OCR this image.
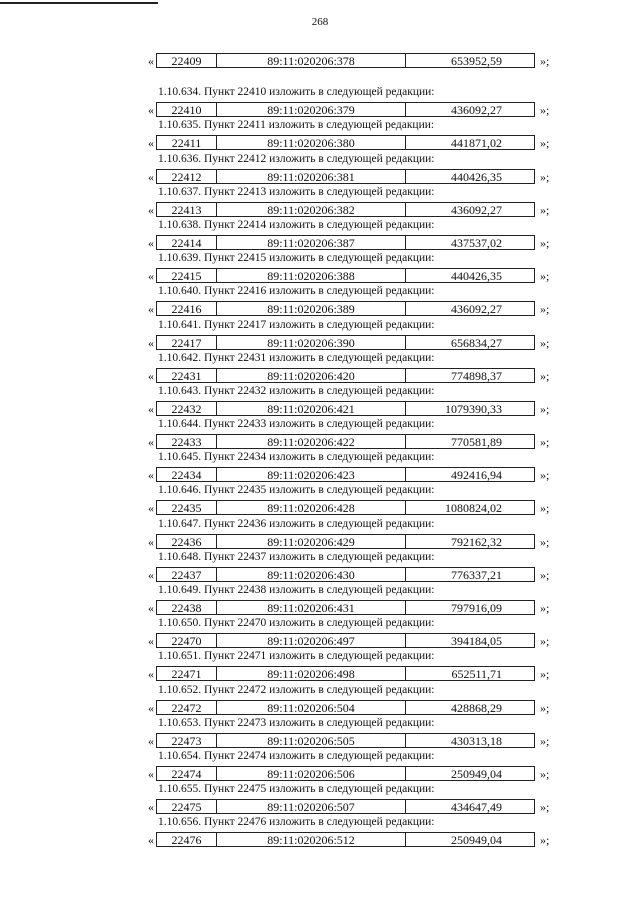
268
«	22409	89:11:020206:378	653952,59	»;
1.10.634. Пункт 22410 изложить в следующей редакции:
«	22410	89:11:020206:379	436092,27	»;
1.10.635. Пункт 22411 изложить в следующей редакции:
«	22411	89:11:020206:380	441871,02	»;
1.10.636. Пункт 22412 изложить в следующей редакции:
«	22412	89:11:020206:381	440426,35	»;
1.10.637. Пункт 22413 изложить в следующей редакции:
«	22413	89:11:020206:382	436092,27	»;
1.10.638. Пункт 22414 изложить в следующей редакции:
«	22414	89:11:020206:387	437537,02	»;
1.10.639. Пункт 22415 изложить в следующей редакции:
«	22415	89:11:020206:388	440426,35	»;
1.10.640. Пункт 22416 изложить в следующей редакции:
«	22416	89:11:020206:389	436092,27	»;
1.10.641. Пункт 22417 изложить в следующей редакции:
«	22417	89:11:020206:390	656834,27	»;
1.10.642. Пункт 22431 изложить в следующей редакции:
«	22431	89:11:020206:420	774898,37	»;
1.10.643. Пункт 22432 изложить в следующей редакции:
«	22432	89:11:020206:421	1079390,33	»;
1.10.644. Пункт 22433 изложить в следующей редакции:
«	22433	89:11:020206:422	770581,89	»;
1.10.645. Пункт 22434 изложить в следующей редакции:
«	22434	89:11:020206:423	492416,94	»;
1.10.646. Пункт 22435 изложить в следующей редакции:
«	22435	89:11:020206:428	1080824,02	»;
1.10.647. Пункт 22436 изложить в следующей редакции:
«	22436	89:11:020206:429	792162,32	»;
1.10.648. Пункт 22437 изложить в следующей редакции:
«	22437	89:11:020206:430	776337,21	»;
1.10.649. Пункт 22438 изложить в следующей редакции:
«	22438	89:11:020206:431	797916,09	»;
1.10.650. Пункт 22470 изложить в следующей редакции:
«	22470	89:11:020206:497	394184,05	»;
1.10.651. Пункт 22471 изложить в следующей редакции:
«	22471	89:11:020206:498	652511,71	»;
1.10.652. Пункт 22472 изложить в следующей редакции:
«	22472	89:11:020206:504	428868,29	»;
1.10.653. Пункт 22473 изложить в следующей редакции:
«	22473	89:11:020206:505	430313,18	»;
1.10.654. Пункт 22474 изложить в следующей редакции:
«	22474	89:11:020206:506	250949,04	»;
1.10.655. Пункт 22475 изложить в следующей редакции:
«	22475	89:11:020206:507	434647,49	»;
1.10.656. Пункт 22476 изложить в следующей редакции:
«	22476	89:11:020206:512	250949,04	»;
